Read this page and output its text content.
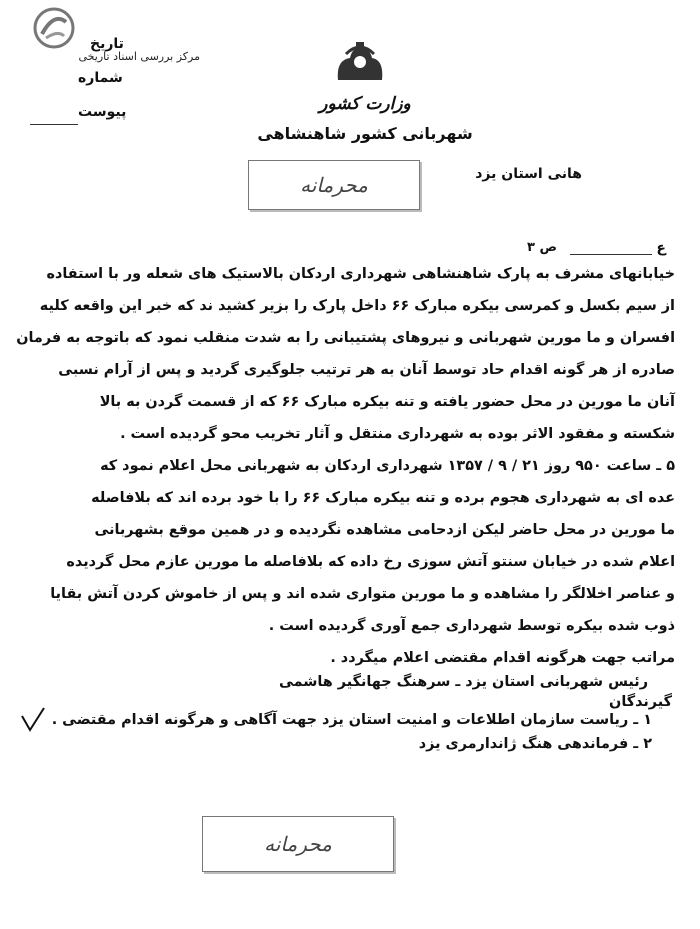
مرکز بررسی اسناد تاریخی
تاریخ
شماره
پیوست	وزارت کشور
شهربانی کشور شاهنشاهی
محرمانه	هانی استان یزد
ع
ص ۳
خیابانهای مشرف به پارک شاهنشاهی شهرداری اردکان بالاستیک های شعله ور با استفاده
از سیم بکسل و کمرسی بیکره مبارک ۶۶ داخل پارک را بزیر کشید ند که خبر این واقعه کلیه
افسران و ما مورین شهربانی و نیروهای پشتیبانی را به شدت منقلب نمود که باتوجه به فرمان
صادره از هر گونه اقدام حاد توسط آنان به هر ترتیب جلوگیری گردید و پس از آرام نسبی
آنان ما مورین در محل حضور یافته و تنه بیکره مبارک ۶۶ که از قسمت گردن به بالا
شکسته و مفقود الاثر بوده به شهرداری منتقل و آثار تخریب محو گردیده است .
۵ ـ ساعت ۹۵۰ روز ۲۱ / ۹ / ۱۳۵۷ شهرداری اردکان به شهربانی محل اعلام نمود که
عده ای به شهرداری هجوم برده و تنه بیکره مبارک ۶۶ را با خود برده اند که بلافاصله
ما مورین در محل حاضر لیکن ازدحامی مشاهده نگردیده و در همین موقع بشهربانی
اعلام شده در خیابان سنتو آتش سوزی رخ داده که بلافاصله ما مورین عازم محل گردیده
و عناصر اخلالگر را مشاهده و ما مورین متواری شده اند و پس از خاموش کردن آتش بقایا
ذوب شده بیکره توسط شهرداری جمع آوری گردیده است .
مراتب جهت هرگونه اقدام مقتضی اعلام میگردد .
رئیس شهربانی استان یزد ـ سرهنگ جهانگیر هاشمی
گیرندگان
۱ ـ ریاست سازمان اطلاعات و امنیت استان یزد جهت آگاهی و هرگونه اقدام مقتضی .
۲ ـ فرماندهی هنگ ژاندارمری یزد
محرمانه
